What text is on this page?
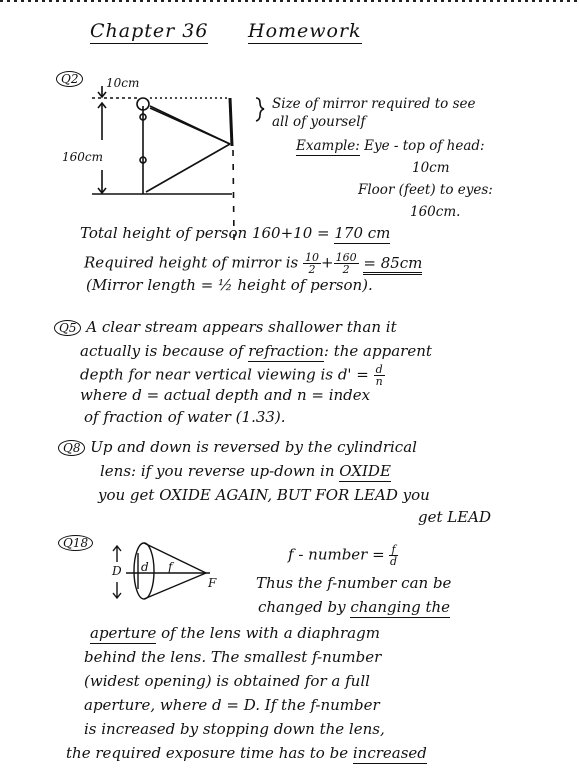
Chapter 36 Homework
10cm
160cm
Q2
Size of mirror required to see
all of yourself
Example: Eye - top of head:
10cm
Floor (feet) to eyes:
160cm.
Total height of person 160+10 = 170 cm
Required height of mirror is $\frac{10}{2} + \frac{160}{2} = 85cm$
(Mirror length = ½ height of person).
Q5 A clear stream appears shallower than it
actually is because of refraction: the apparent
depth for near vertical viewing is $d' = \frac{d}{n}$
where d = actual depth and n = index
of fraction of water (1.33).
Q8 Up and down is reversed by the cylindrical
lens: if you reverse up-down in OXIDE
you get OXIDE AGAIN, BUT FOR LEAD you
get LEAD
Q18
D d f
F
f - number = $\frac{f}{d}$
Thus the f-number can be
changed by changing the
aperture of the lens with a diaphragm
behind the lens. The smallest f-number
(widest opening) is obtained for a full
aperture, where d = D. If the f-number
is increased by stopping down the lens,
the required exposure time has to be increased
